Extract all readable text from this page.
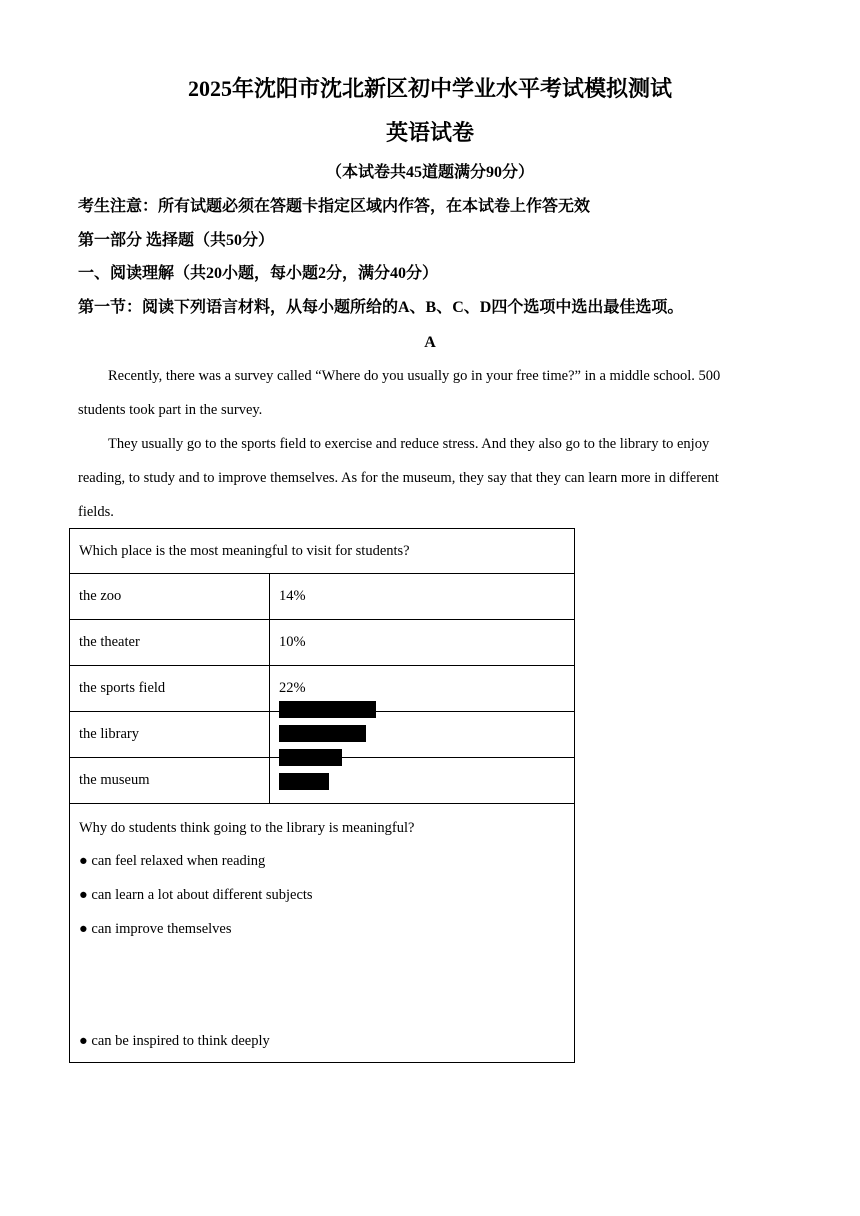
2025年沈阳市沈北新区初中学业水平考试模拟测试
英语试卷
（本试卷共45道题满分90分）
考生注意：所有试题必须在答题卡指定区域内作答，在本试卷上作答无效
第一部分 选择题（共50分）
一、阅读理解（共20小题，每小题2分，满分40分）
第一节：阅读下列语言材料，从每小题所给的A、B、C、D四个选项中选出最佳选项。
A

Recently, there was a survey called “Where do you usually go in your free time?” in a middle school. 500 students took part in the survey.

They usually go to the sports field to exercise and reduce stress. And they also go to the library to enjoy reading, to study and to improve themselves. As for the museum, they say that they can learn more in different fields.

Which place is the most meaningful to visit for students?
the zoo	14%
the theater	10%
the sports field	22%
the library
the museum
Why do students think going to the library is meaningful?
● can feel relaxed when reading
● can learn a lot about different subjects
● can improve themselves
● can be inspired to think deeply
